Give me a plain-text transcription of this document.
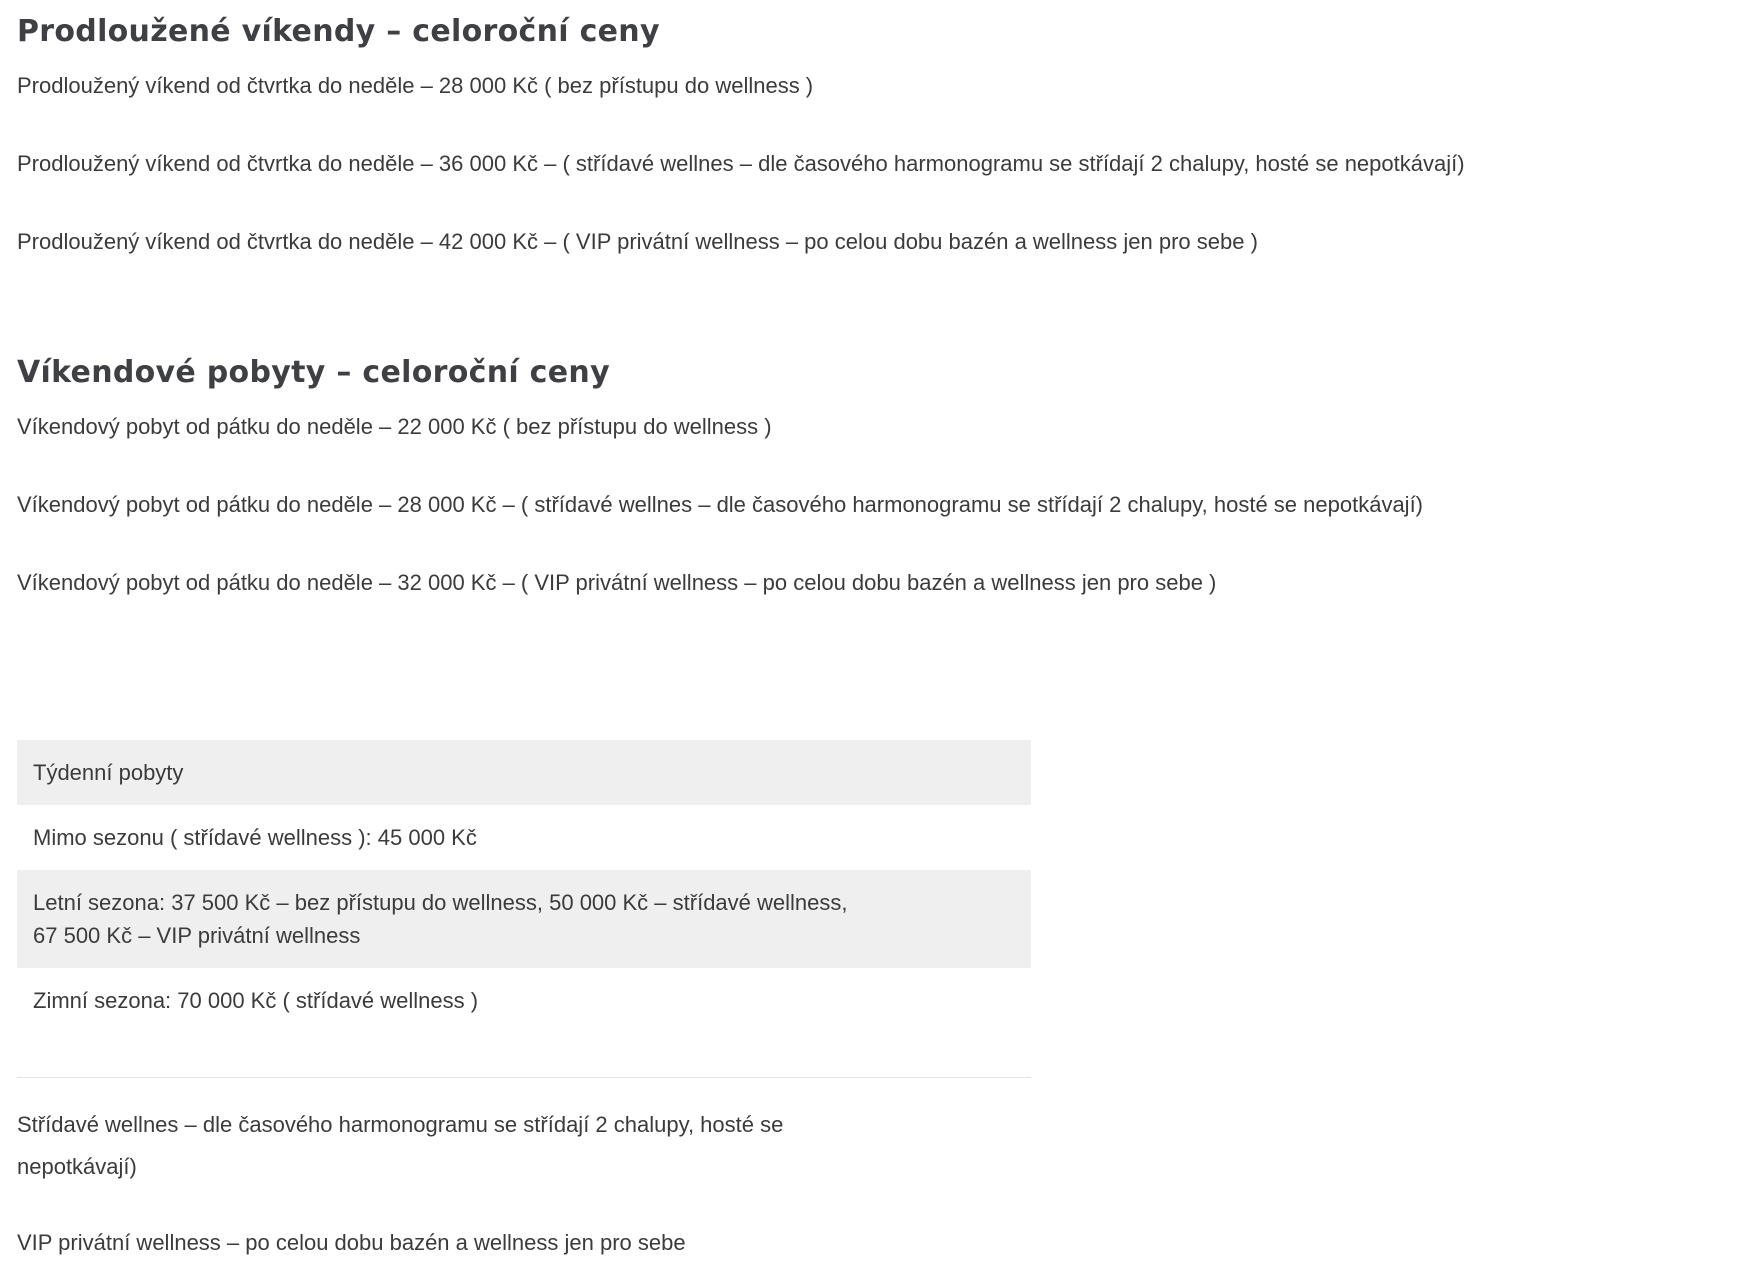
Prodloužené víkendy – celoroční ceny

Prodloužený víkend od čtvrtka do neděle – 28 000 Kč ( bez přístupu do wellness )

Prodloužený víkend od čtvrtka do neděle – 36 000 Kč – ( střídavé wellnes – dle časového harmonogramu se střídají 2 chalupy, hosté se nepotkávají)

Prodloužený víkend od čtvrtka do neděle – 42 000 Kč – ( VIP privátní wellness – po celou dobu bazén a wellness jen pro sebe )

Víkendové pobyty – celoroční ceny

Víkendový pobyt od pátku do neděle – 22 000 Kč ( bez přístupu do wellness )

Víkendový pobyt od pátku do neděle – 28 000 Kč – ( střídavé wellnes – dle časového harmonogramu se střídají 2 chalupy, hosté se nepotkávají)

Víkendový pobyt od pátku do neděle – 32 000 Kč – ( VIP privátní wellness – po celou dobu bazén a wellness jen pro sebe )

Týdenní pobyty
Mimo sezonu ( střídavé wellness ): 45 000 Kč

Letní sezona: 37 500 Kč – bez přístupu do wellness, 50 000 Kč – střídavé wellness,
67 500 Kč – VIP privátní wellness

Zimní sezona: 70 000 Kč ( střídavé wellness )

Střídavé wellnes – dle časového harmonogramu se střídají 2 chalupy, hosté se
nepotkávají)

VIP privátní wellness – po celou dobu bazén a wellness jen pro sebe
